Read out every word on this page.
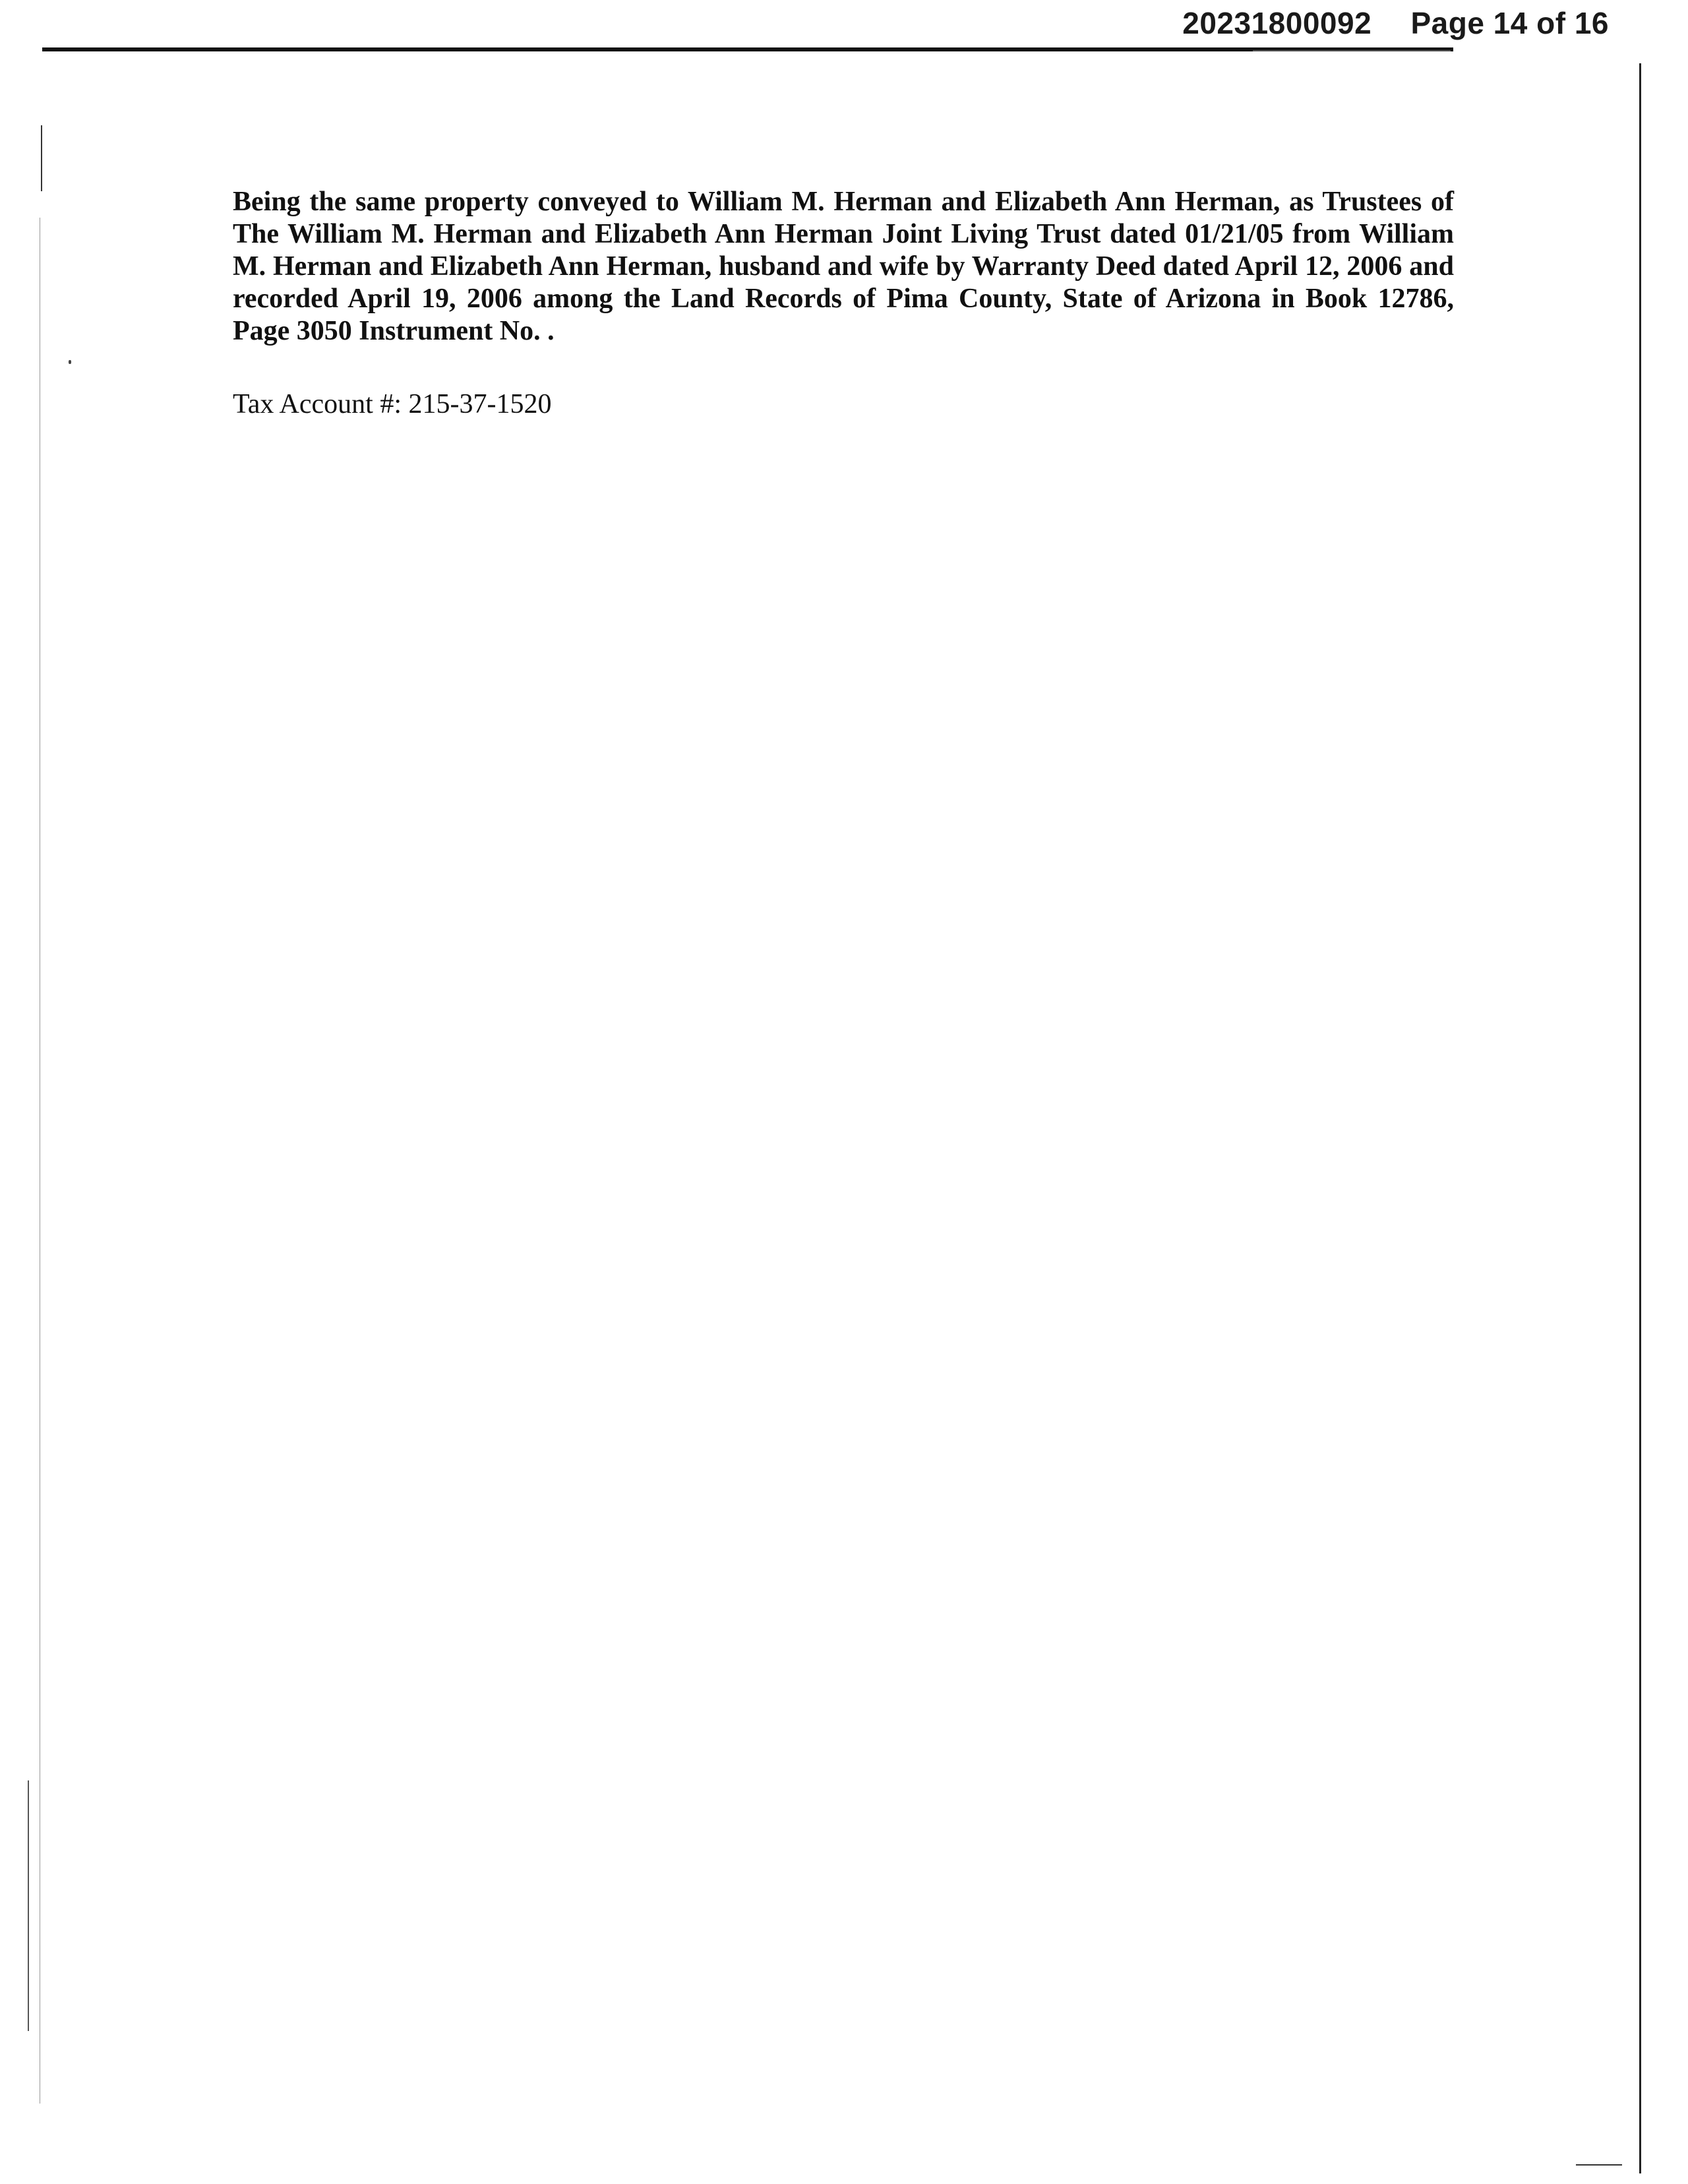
20231800092 Page 14 of 16

Being the same property conveyed to William M. Herman and Elizabeth Ann Herman, as Trustees of The William M. Herman and Elizabeth Ann Herman Joint Living Trust dated 01/21/05 from William M. Herman and Elizabeth Ann Herman, husband and wife by Warranty Deed dated April 12, 2006 and recorded April 19, 2006 among the Land Records of Pima County, State of Arizona in Book 12786, Page 3050 Instrument No. .

Tax Account #: 215-37-1520
